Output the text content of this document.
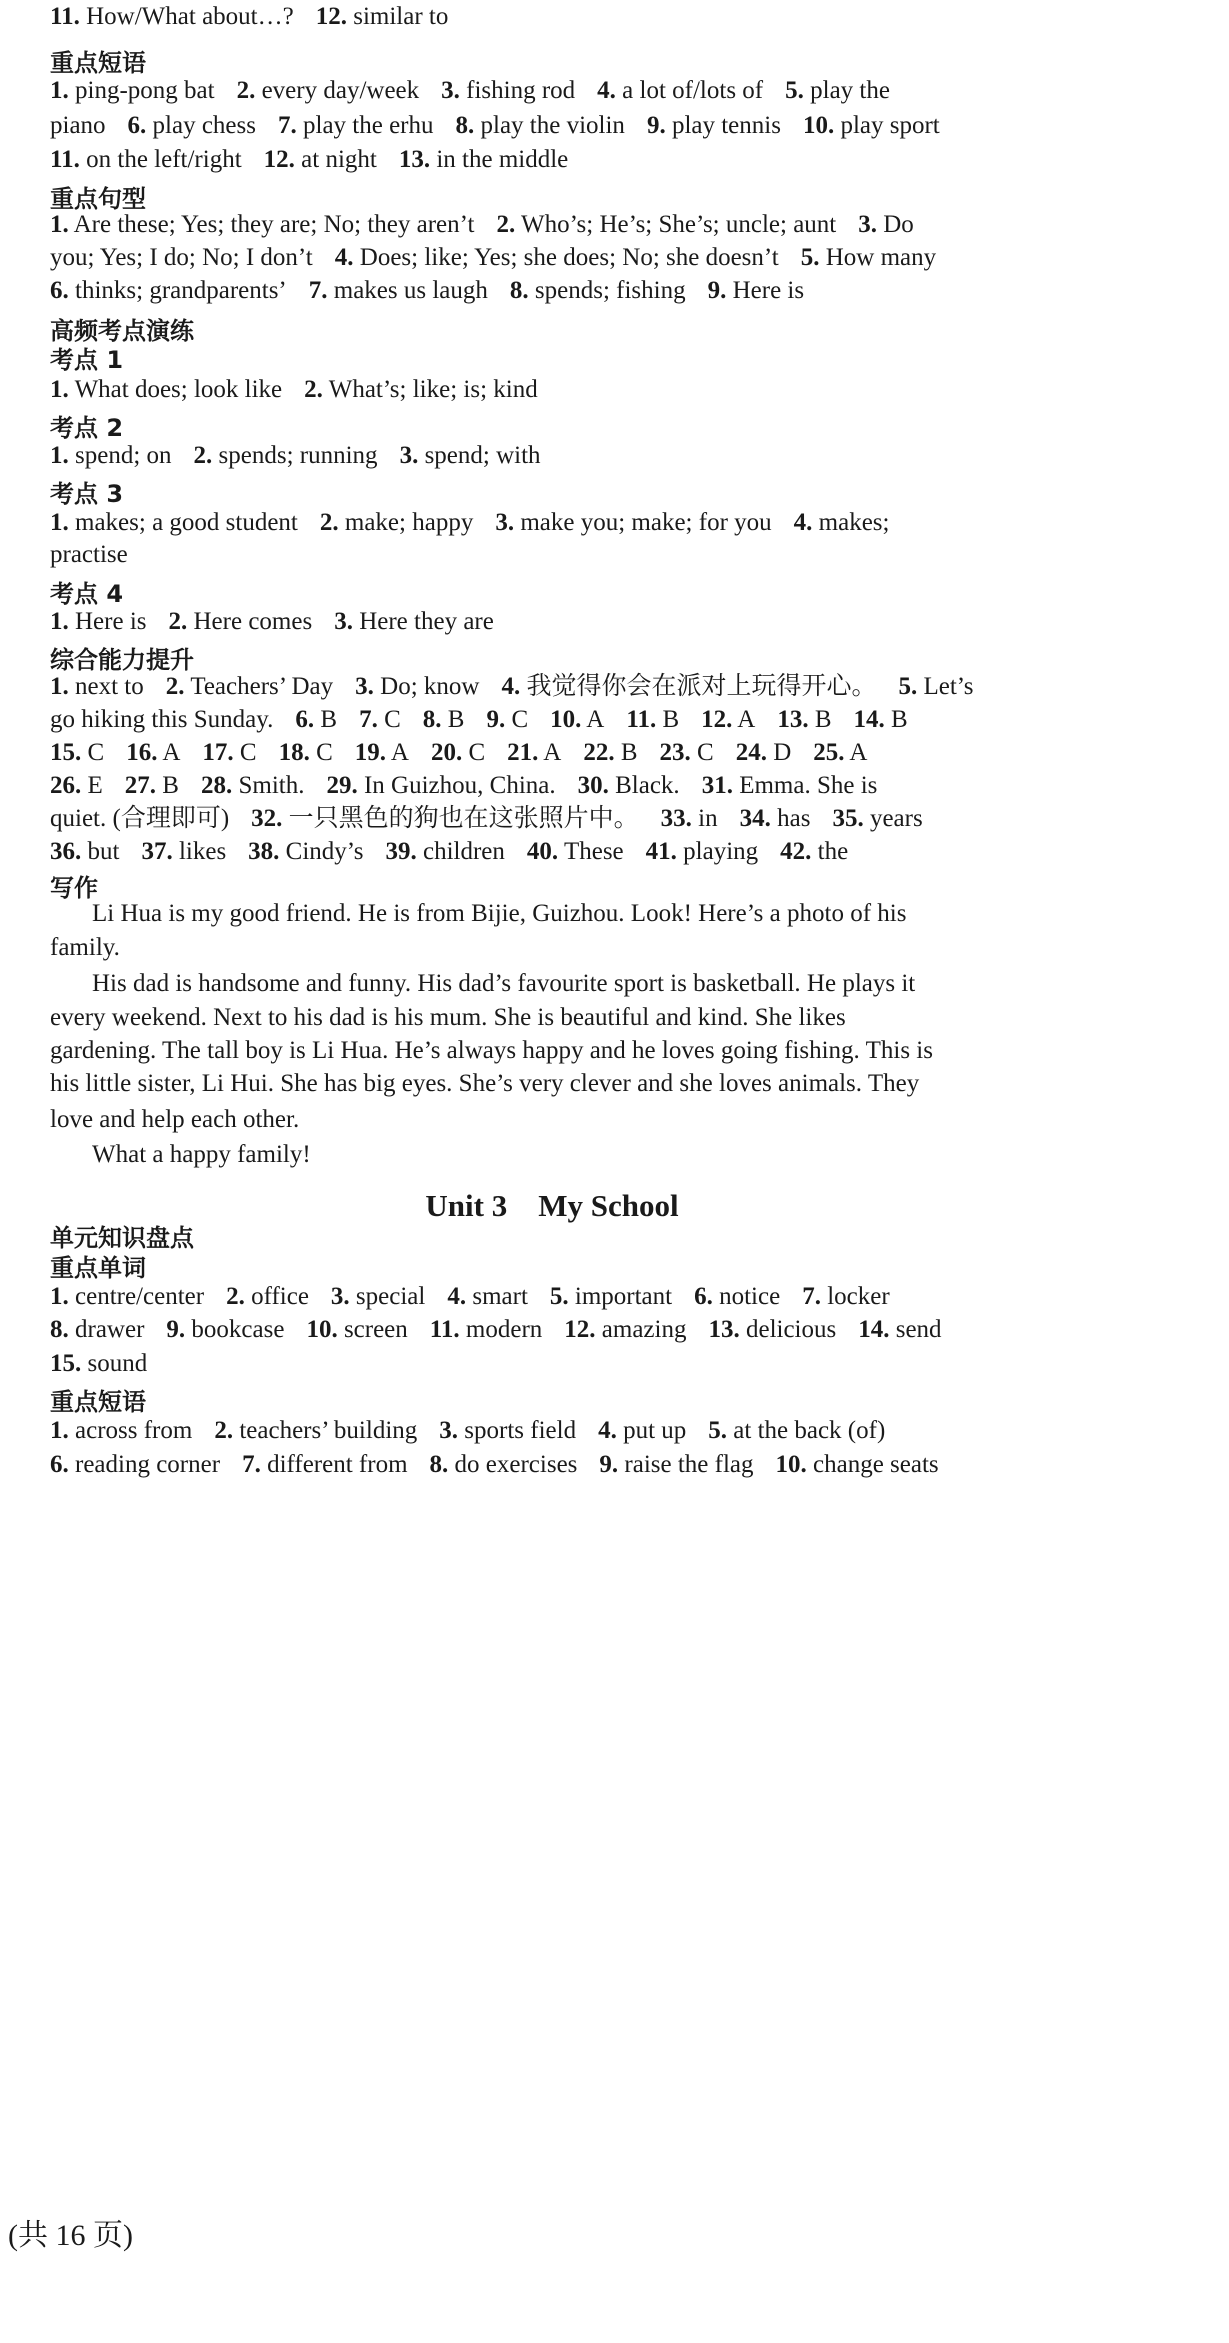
重点短语
1. ping-pong bat 2. every day/week 3. fishing rod 4. a lot of/lots of 5. play the
piano 6. play chess 7. play the erhu 8. play the violin 9. play tennis 10. play sport
11. on the left/right 12. at night 13. in the middle
重点句型
1. Are these; Yes; they are; No; they aren’t 2. Who’s; He’s; She’s; uncle; aunt 3. Do
you; Yes; I do; No; I don’t 4. Does; like; Yes; she does; No; she doesn’t 5. How many
6. thinks; grandparents’ 7. makes us laugh 8. spends; fishing 9. Here is
高频考点演练
考点 1
1. What does; look like 2. What’s; like; is; kind
考点 2
1. spend; on 2. spends; running 3. spend; with
考点 3
1. makes; a good student 2. make; happy 3. make you; make; for you 4. makes;
practise
考点 4
1. Here is 2. Here comes 3. Here they are
综合能力提升
1. next to 2. Teachers’ Day 3. Do; know 4. 我觉得你会在派对上玩得开心。 5. Let’s
go hiking this Sunday. 6. B 7. C 8. B 9. C 10. A 11. B 12. A 13. B 14. B
15. C 16. A 17. C 18. C 19. A 20. C 21. A 22. B 23. C 24. D 25. A
26. E 27. B 28. Smith. 29. In Guizhou, China. 30. Black. 31. Emma. She is
quiet. (合理即可) 32. 一只黑色的狗也在这张照片中。 33. in 34. has 35. years
36. but 37. likes 38. Cindy’s 39. children 40. These 41. playing 42. the
写作
Li Hua is my good friend. He is from Bijie, Guizhou. Look! Here’s a photo of his
family.
His dad is handsome and funny. His dad’s favourite sport is basketball. He plays it
every weekend. Next to his dad is his mum. She is beautiful and kind. She likes
gardening. The tall boy is Li Hua. He’s always happy and he loves going fishing. This is
his little sister, Li Hui. She has big eyes. She’s very clever and she loves animals. They
love and help each other.
What a happy family!
Unit 3　My School
单元知识盘点
重点单词
1. centre/center 2. office 3. special 4. smart 5. important 6. notice 7. locker
8. drawer 9. bookcase 10. screen 11. modern 12. amazing 13. delicious 14. send
15. sound
重点短语
1. across from 2. teachers’ building 3. sports field 4. put up 5. at the back (of)
6. reading corner 7. different from 8. do exercises 9. raise the flag 10. change seats
11. How/What about…? 12. similar to
(共 16 页)
